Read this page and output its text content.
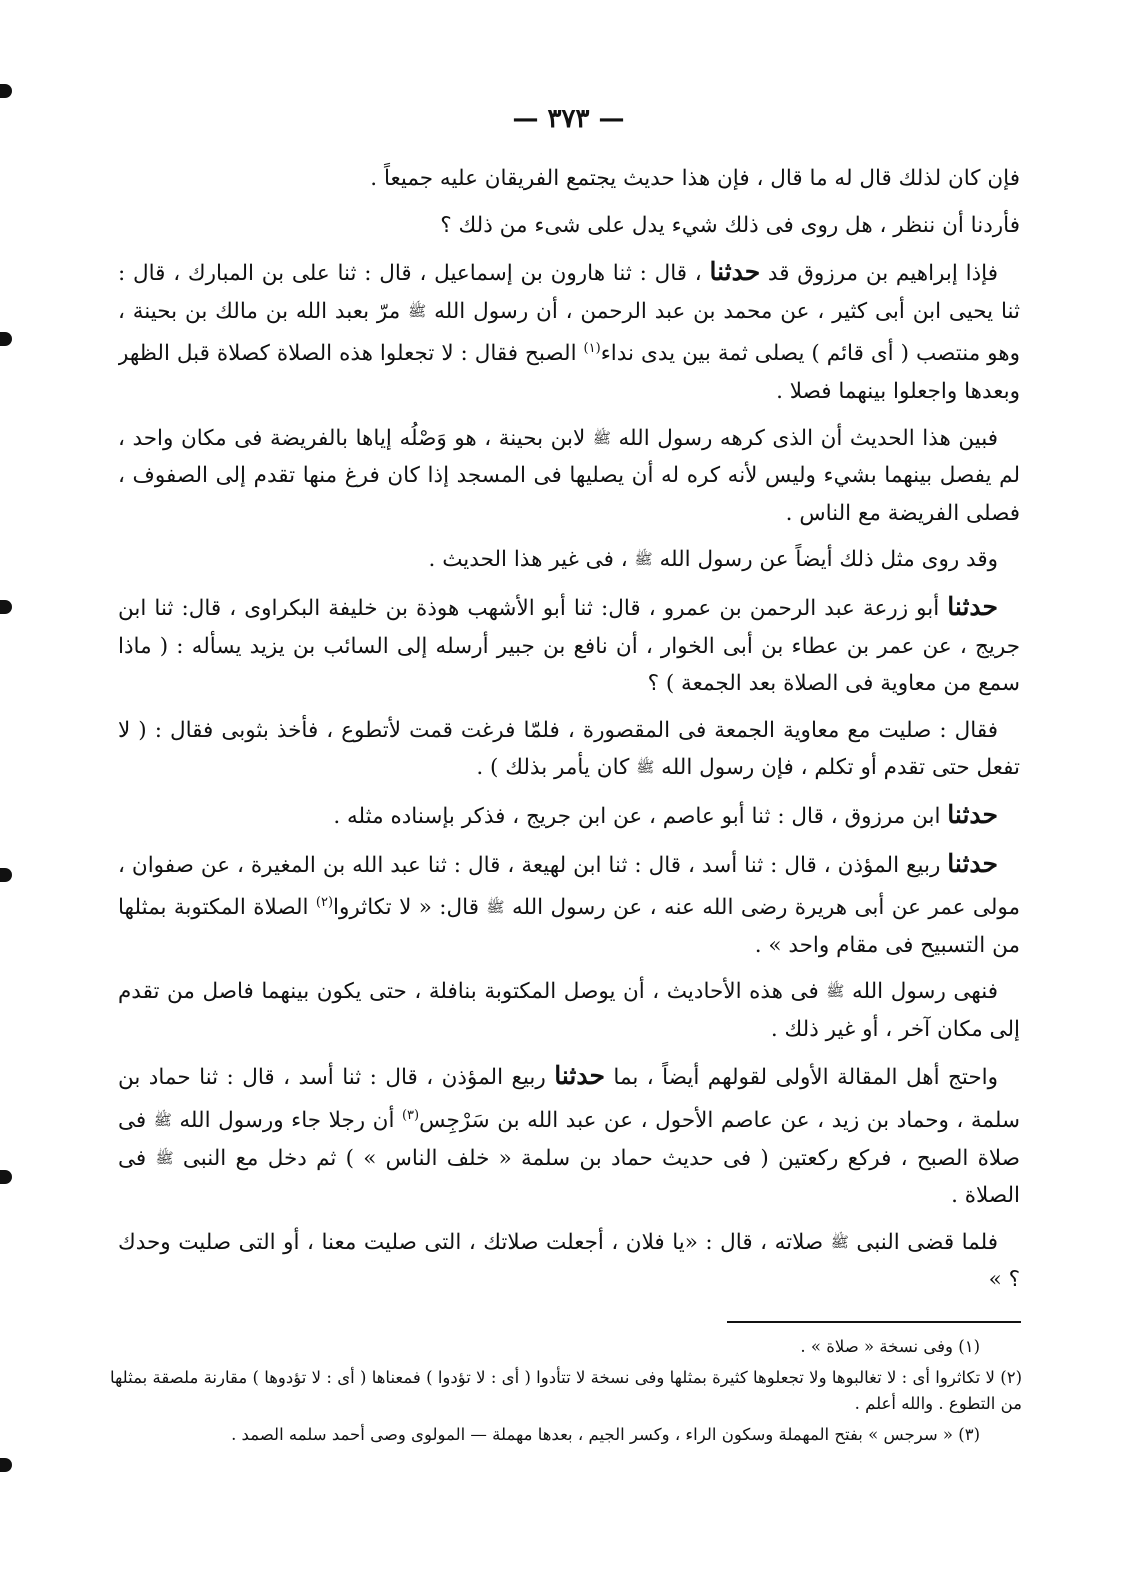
— ٣٧٣ —

فإن كان لذلك قال له ما قال ، فإن هذا حديث يجتمع الفريقان عليه جميعاً .

فأردنا أن ننظر ، هل روى فى ذلك شيء يدل على شىء من ذلك ؟

فإذا إبراهيم بن مرزوق قد حدثنا ، قال : ثنا هارون بن إسماعيل ، قال : ثنا على بن المبارك ، قال : ثنا يحيى ابن أبى كثير ، عن محمد بن عبد الرحمن ، أن رسول الله ﷺ مرّ بعبد الله بن مالك بن بحينة ، وهو منتصب ( أى قائم ) يصلى ثمة بين يدى نداء$^{(١)}$ الصبح فقال : لا تجعلوا هذه الصلاة كصلاة قبل الظهر وبعدها واجعلوا بينهما فصلا .

فبين هذا الحديث أن الذى كرهه رسول الله ﷺ لابن بحينة ، هو وَصْلُه إياها بالفريضة فى مكان واحد ، لم يفصل بينهما بشيء وليس لأنه كره له أن يصليها فى المسجد إذا كان فرغ منها تقدم إلى الصفوف ، فصلى الفريضة مع الناس .

وقد روى مثل ذلك أيضاً عن رسول الله ﷺ ، فى غير هذا الحديث .

حدثنا أبو زرعة عبد الرحمن بن عمرو ، قال: ثنا أبو الأشهب هوذة بن خليفة البكراوى ، قال: ثنا ابن جريج ، عن عمر بن عطاء بن أبى الخوار ، أن نافع بن جبير أرسله إلى السائب بن يزيد يسأله : ( ماذا سمع من معاوية فى الصلاة بعد الجمعة ) ؟

فقال : صليت مع معاوية الجمعة فى المقصورة ، فلمّا فرغت قمت لأتطوع ، فأخذ بثوبى فقال : ( لا تفعل حتى تقدم أو تكلم ، فإن رسول الله ﷺ كان يأمر بذلك ) .

حدثنا ابن مرزوق ، قال : ثنا أبو عاصم ، عن ابن جريج ، فذكر بإسناده مثله .

حدثنا ربيع المؤذن ، قال : ثنا أسد ، قال : ثنا ابن لهيعة ، قال : ثنا عبد الله بن المغيرة ، عن صفوان ، مولى عمر عن أبى هريرة رضى الله عنه ، عن رسول الله ﷺ قال: « لا تكاثروا$^{(٢)}$ الصلاة المكتوبة بمثلها من التسبيح فى مقام واحد » .

فنهى رسول الله ﷺ فى هذه الأحاديث ، أن يوصل المكتوبة بنافلة ، حتى يكون بينهما فاصل من تقدم إلى مكان آخر ، أو غير ذلك .

واحتج أهل المقالة الأولى لقولهم أيضاً ، بما حدثنا ربيع المؤذن ، قال : ثنا أسد ، قال : ثنا حماد بن سلمة ، وحماد بن زيد ، عن عاصم الأحول ، عن عبد الله بن سَرْجِس$^{(٣)}$ أن رجلا جاء ورسول الله ﷺ فى صلاة الصبح ، فركع ركعتين ( فى حديث حماد بن سلمة « خلف الناس » ) ثم دخل مع النبى ﷺ فى الصلاة .

فلما قضى النبى ﷺ صلاته ، قال : «يا فلان ، أجعلت صلاتك ، التى صليت معنا ، أو التى صليت وحدك ؟ »

(١) وفى نسخة « صلاة » .

(٢) لا تكاثروا أى : لا تغالبوها ولا تجعلوها كثيرة بمثلها وفى نسخة لا تتأدوا ( أى : لا تؤدوا ) فمعناها ( أى : لا تؤدوها ) مقارنة ملصقة بمثلها من التطوع . والله أعلم .

(٣) « سرجس » بفتح المهملة وسكون الراء ، وكسر الجيم ، بعدها مهملة — المولوى وصى أحمد سلمه الصمد .
